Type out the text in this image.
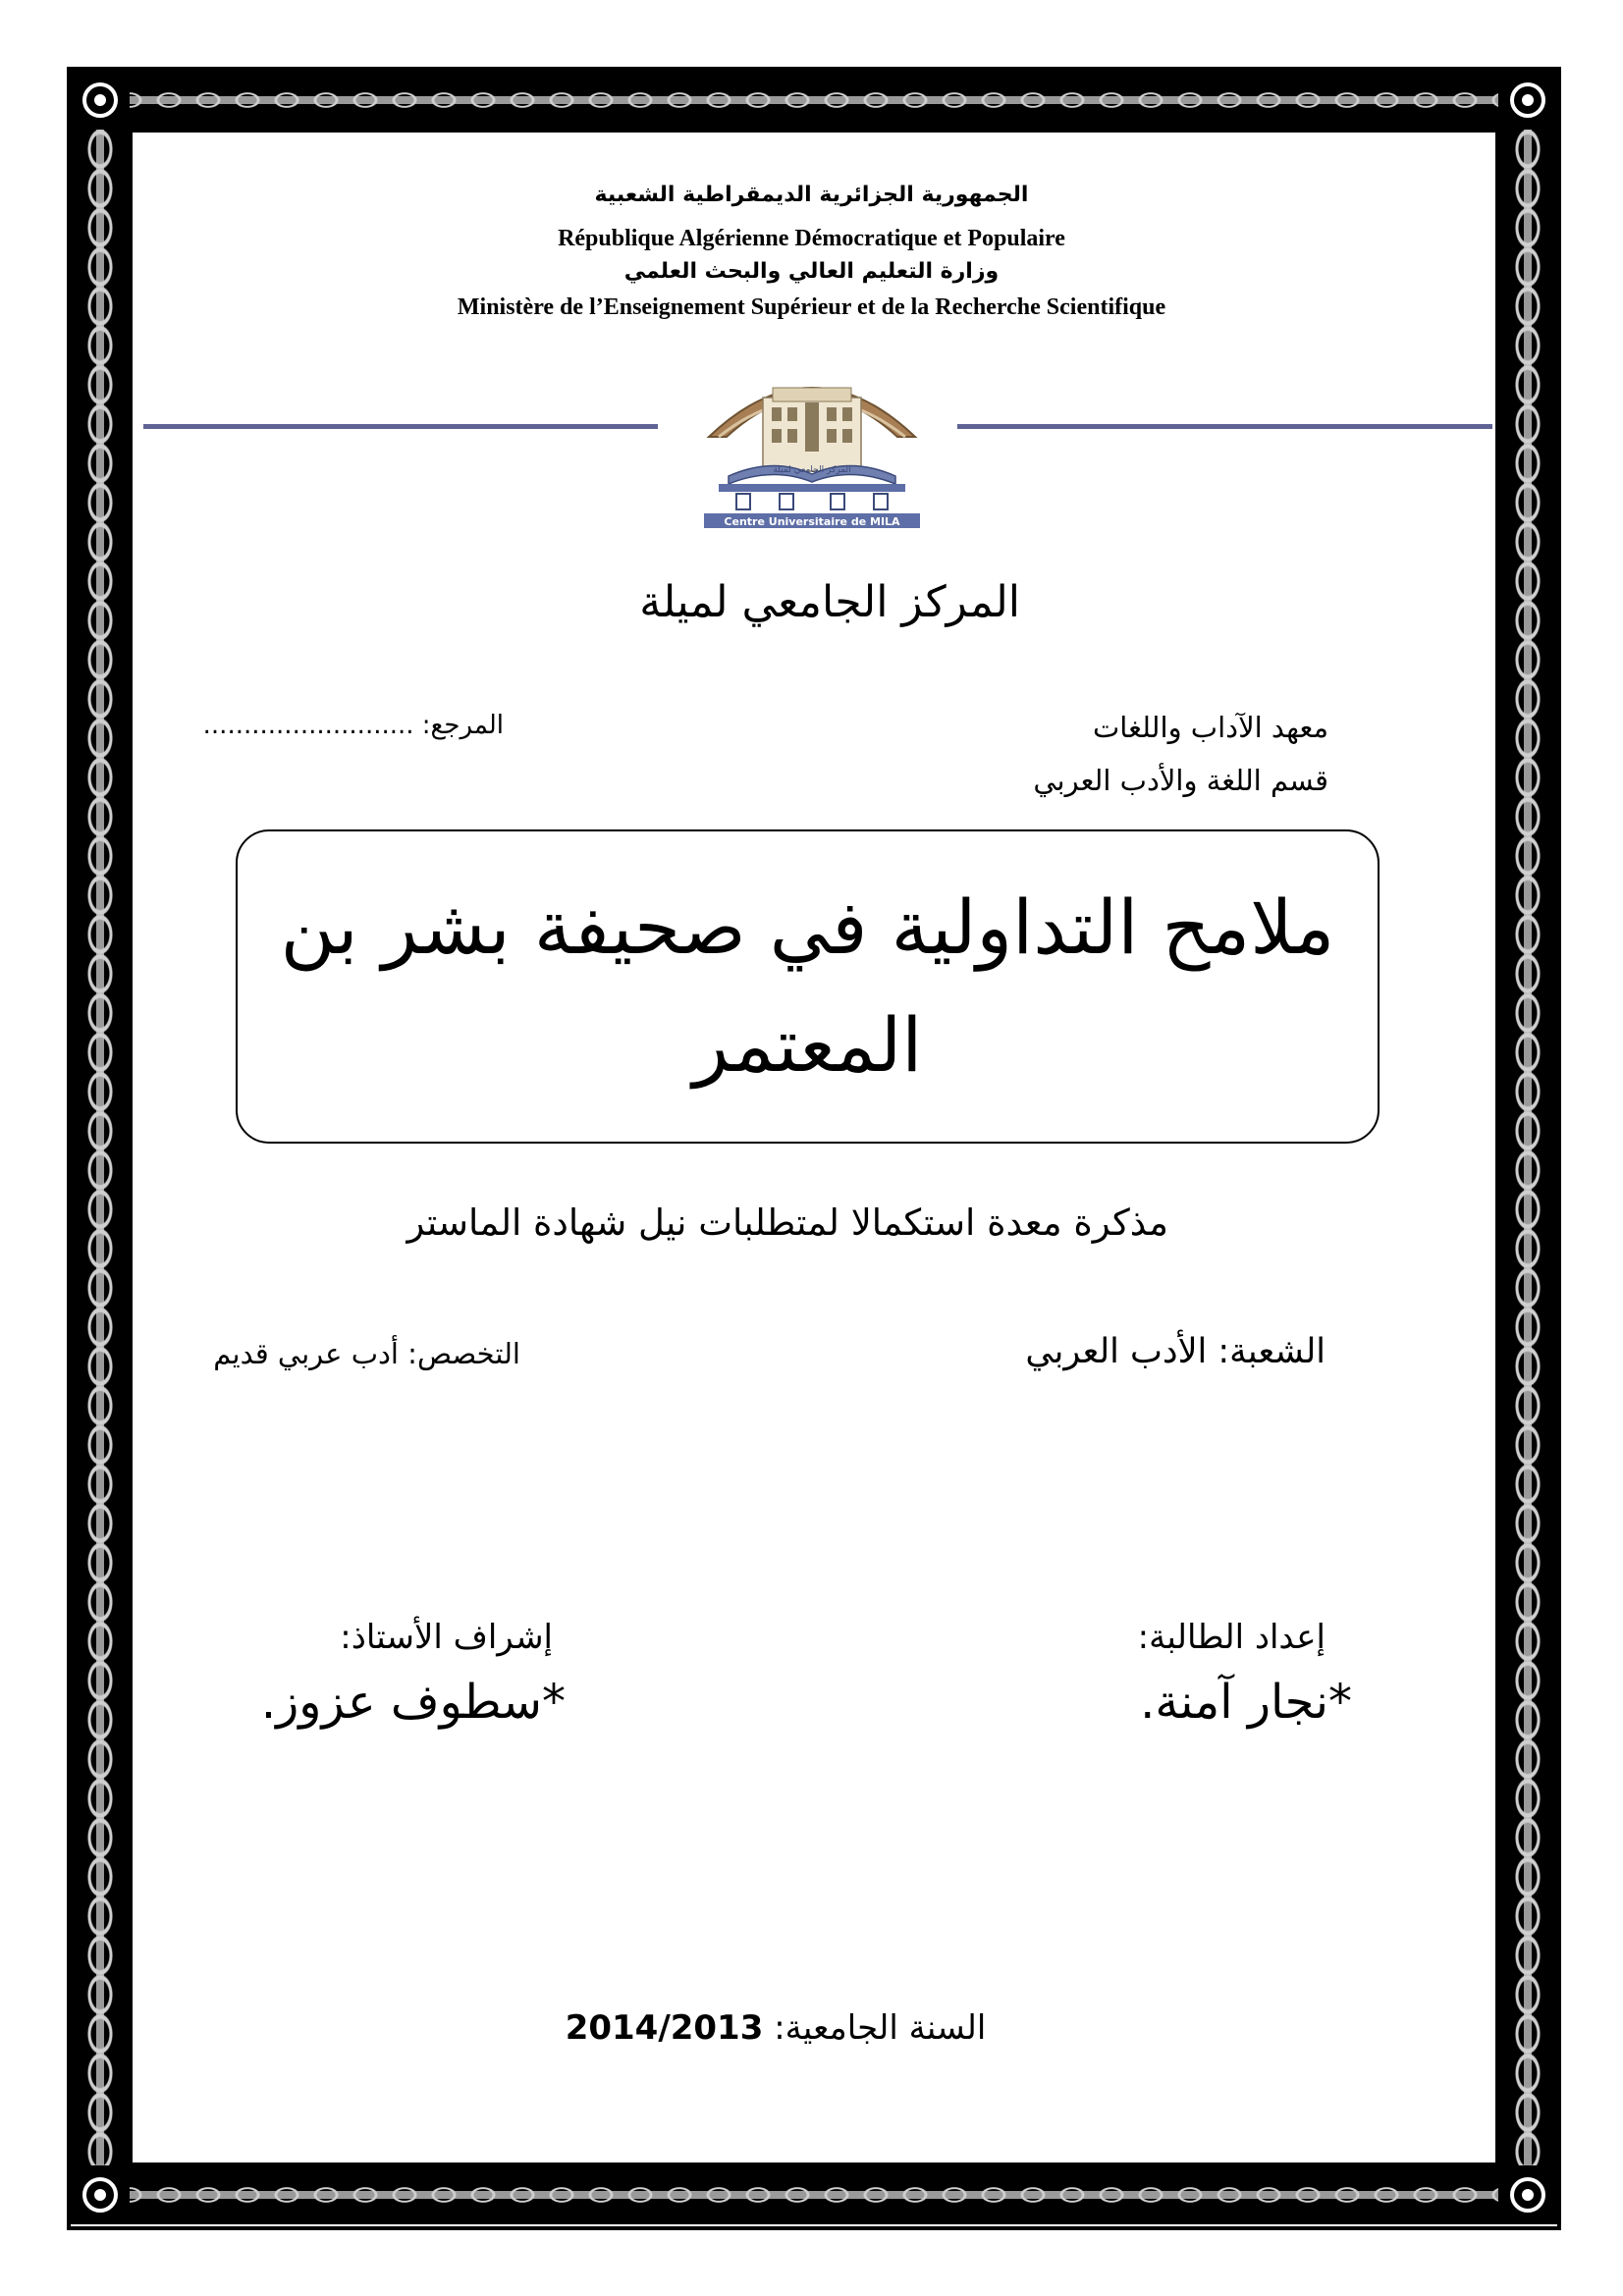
الجمهورية الجزائرية الديمقراطية الشعبية
République Algérienne Démocratique et Populaire
وزارة التعليم العالي والبحث العلمي
Ministère de l’Enseignement Supérieur et de la Recherche Scientifique
المركز الجامعي لميلة
Centre Universitaire de MILA
المركز الجامعي لميلة
معهد الآداب واللغات
قسم اللغة والأدب العربي
المرجع: ..........................
ملامح التداولية في صحيفة بشر بن
المعتمر
مذكرة معدة استكمالا لمتطلبات نيل شهادة الماستر
الشعبة: الأدب العربي
التخصص: أدب عربي قديم
إعداد الطالبة:
*نجار آمنة.
إشراف الأستاذ:
*سطوف عزوز.
السنة الجامعية: 2014/2013
